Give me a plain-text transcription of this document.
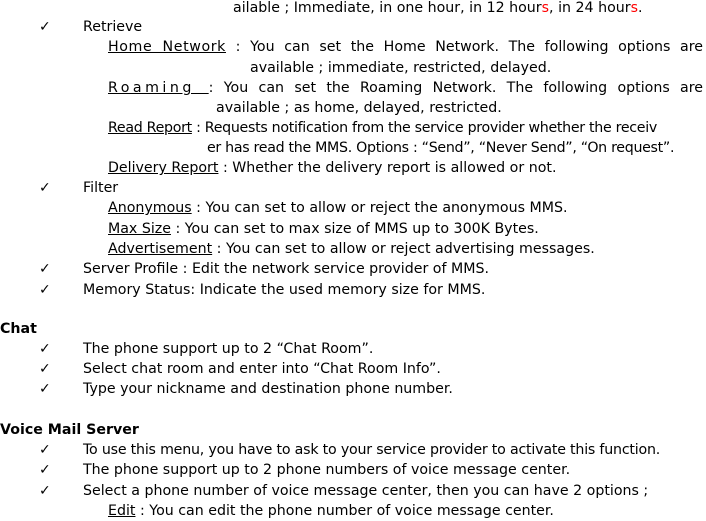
ailable ; Immediate, in one hour, in 12 hours, in 24 hours.
✓ Retrieve
Home Network : You can set the Home Network. The following options are
available ; immediate, restricted, delayed.
Roaming : You can set the Roaming Network. The following options are
available ; as home, delayed, restricted.
Read Report : Requests notification from the service provider whether the receiv
er has read the MMS. Options : “Send”, “Never Send”, “On request”.
Delivery Report : Whether the delivery report is allowed or not.
✓ Filter
Anonymous : You can set to allow or reject the anonymous MMS.
Max Size : You can set to max size of MMS up to 300K Bytes.
Advertisement : You can set to allow or reject advertising messages.
✓ Server Profile : Edit the network service provider of MMS.
✓ Memory Status: Indicate the used memory size for MMS.
Chat
✓ The phone support up to 2 “Chat Room”.
✓ Select chat room and enter into “Chat Room Info”.
✓ Type your nickname and destination phone number.
Voice Mail Server
✓ To use this menu, you have to ask to your service provider to activate this function.
✓ The phone support up to 2 phone numbers of voice message center.
✓ Select a phone number of voice message center, then you can have 2 options ;
Edit : You can edit the phone number of voice message center.
